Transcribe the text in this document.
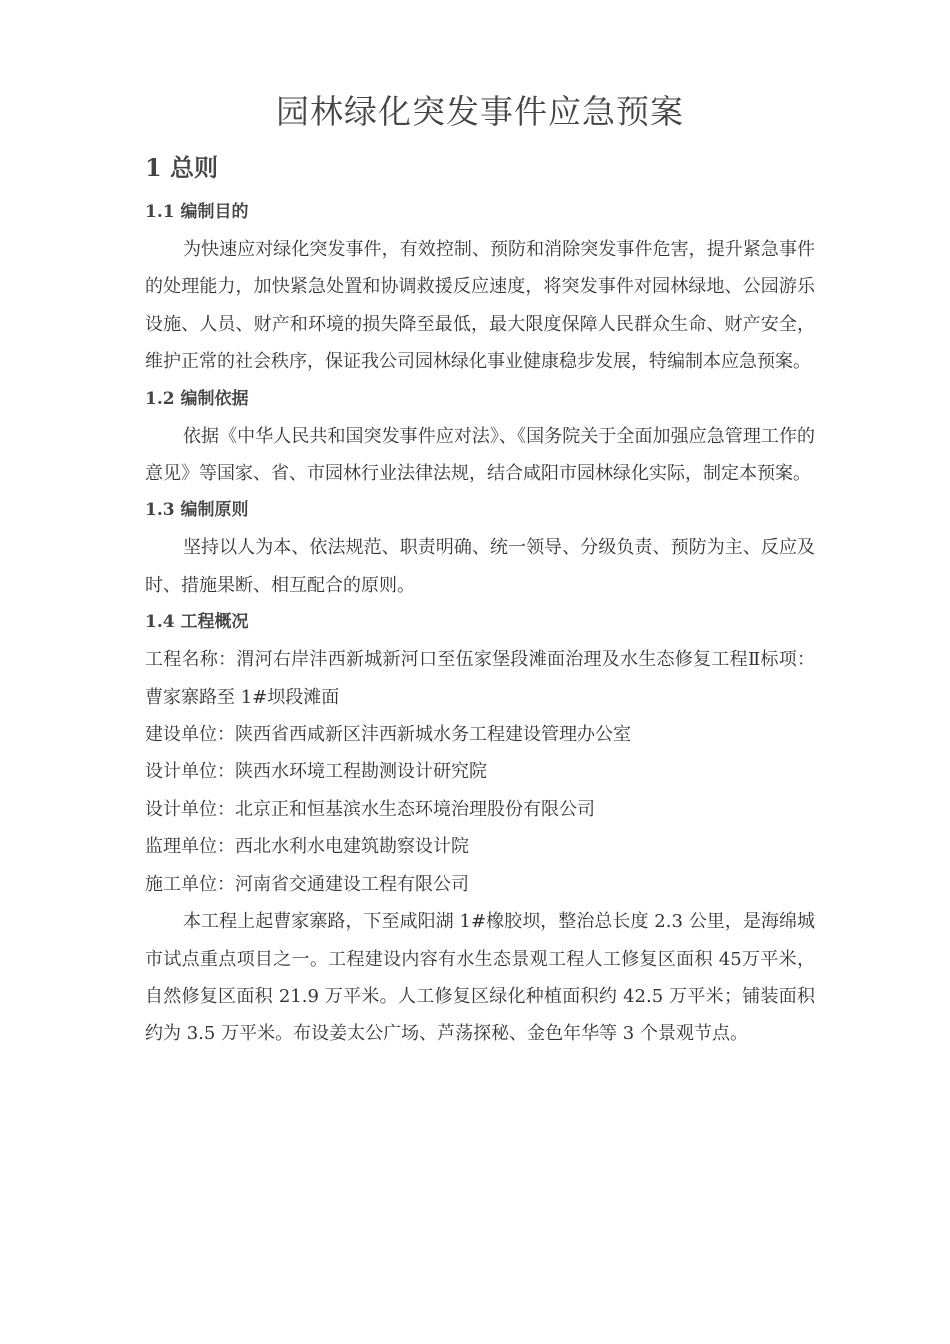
园林绿化突发事件应急预案
1 总则
1.1 编制目的

为快速应对绿化突发事件，有效控制、预防和消除突发事件危害，提升紧急事件的处理能力，加快紧急处置和协调救援反应速度，将突发事件对园林绿地、公园游乐设施、人员、财产和环境的损失降至最低，最大限度保障人民群众生命、财产安全，维护正常的社会秩序，保证我公司园林绿化事业健康稳步发展，特编制本应急预案。

1.2 编制依据

依据《中华人民共和国突发事件应对法》、《国务院关于全面加强应急管理工作的意见》等国家、省、市园林行业法律法规，结合咸阳市园林绿化实际，制定本预案。

1.3 编制原则

坚持以人为本、依法规范、职责明确、统一领导、分级负责、预防为主、反应及时、措施果断、相互配合的原则。

1.4 工程概况

工程名称：渭河右岸沣西新城新河口至伍家堡段滩面治理及水生态修复工程Ⅱ标项：曹家寨路至 1#坝段滩面

建设单位：陕西省西咸新区沣西新城水务工程建设管理办公室

设计单位：陕西水环境工程勘测设计研究院

设计单位：北京正和恒基滨水生态环境治理股份有限公司

监理单位：西北水利水电建筑勘察设计院

施工单位：河南省交通建设工程有限公司

本工程上起曹家寨路，下至咸阳湖 1#橡胶坝，整治总长度 2.3 公里，是海绵城市试点重点项目之一。工程建设内容有水生态景观工程人工修复区面积 45万平米，自然修复区面积 21.9 万平米。人工修复区绿化种植面积约 42.5 万平米；铺装面积约为 3.5 万平米。布设姜太公广场、芦荡探秘、金色年华等 3 个景观节点。
